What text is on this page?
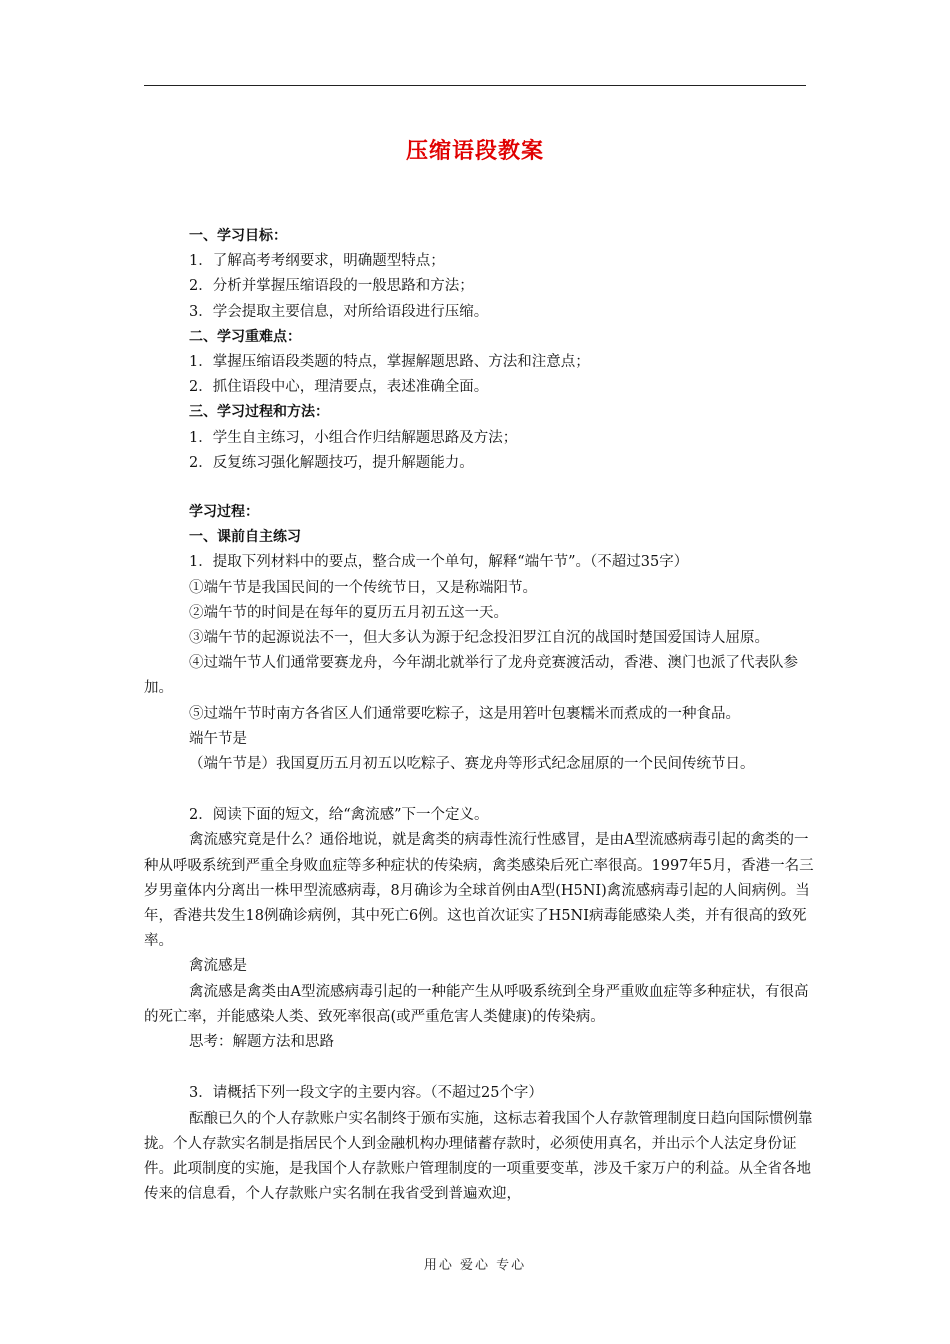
压缩语段教案

一、学习目标：

1．了解高考考纲要求，明确题型特点；

2．分析并掌握压缩语段的一般思路和方法；

3．学会提取主要信息，对所给语段进行压缩。

二、学习重难点：

1．掌握压缩语段类题的特点，掌握解题思路、方法和注意点；

2．抓住语段中心，理清要点，表述准确全面。

三、学习过程和方法：

1．学生自主练习，小组合作归结解题思路及方法；

2．反复练习强化解题技巧，提升解题能力。

学习过程：

一、课前自主练习

1．提取下列材料中的要点，整合成一个单句，解释“端午节”。（不超过35字）

①端午节是我国民间的一个传统节日，又是称端阳节。

②端午节的时间是在每年的夏历五月初五这一天。

③端午节的起源说法不一，但大多认为源于纪念投汨罗江自沉的战国时楚国爱国诗人屈原。

④过端午节人们通常要赛龙舟，今年湖北就举行了龙舟竞赛渡活动，香港、澳门也派了代表队参加。

⑤过端午节时南方各省区人们通常要吃粽子，这是用箬叶包裹糯米而煮成的一种食品。

端午节是

（端午节是）我国夏历五月初五以吃粽子、赛龙舟等形式纪念屈原的一个民间传统节日。

2．阅读下面的短文，给“禽流感”下一个定义。

禽流感究竟是什么？通俗地说，就是禽类的病毒性流行性感冒，是由A型流感病毒引起的禽类的一种从呼吸系统到严重全身败血症等多种症状的传染病，禽类感染后死亡率很高。1997年5月，香港一名三岁男童体内分离出一株甲型流感病毒，8月确诊为全球首例由A型(H5NI)禽流感病毒引起的人间病例。当年，香港共发生18例确诊病例，其中死亡6例。这也首次证实了H5NI病毒能感染人类，并有很高的致死率。

禽流感是

禽流感是禽类由A型流感病毒引起的一种能产生从呼吸系统到全身严重败血症等多种症状，有很高的死亡率，并能感染人类、致死率很高(或严重危害人类健康)的传染病。

思考：解题方法和思路

3．请概括下列一段文字的主要内容。（不超过25个字）

酝酿已久的个人存款账户实名制终于颁布实施，这标志着我国个人存款管理制度日趋向国际惯例靠拢。个人存款实名制是指居民个人到金融机构办理储蓄存款时，必须使用真名，并出示个人法定身份证件。此项制度的实施，是我国个人存款账户管理制度的一项重要变革，涉及千家万户的利益。从全省各地传来的信息看，个人存款账户实名制在我省受到普遍欢迎，

用心 爱心 专心
